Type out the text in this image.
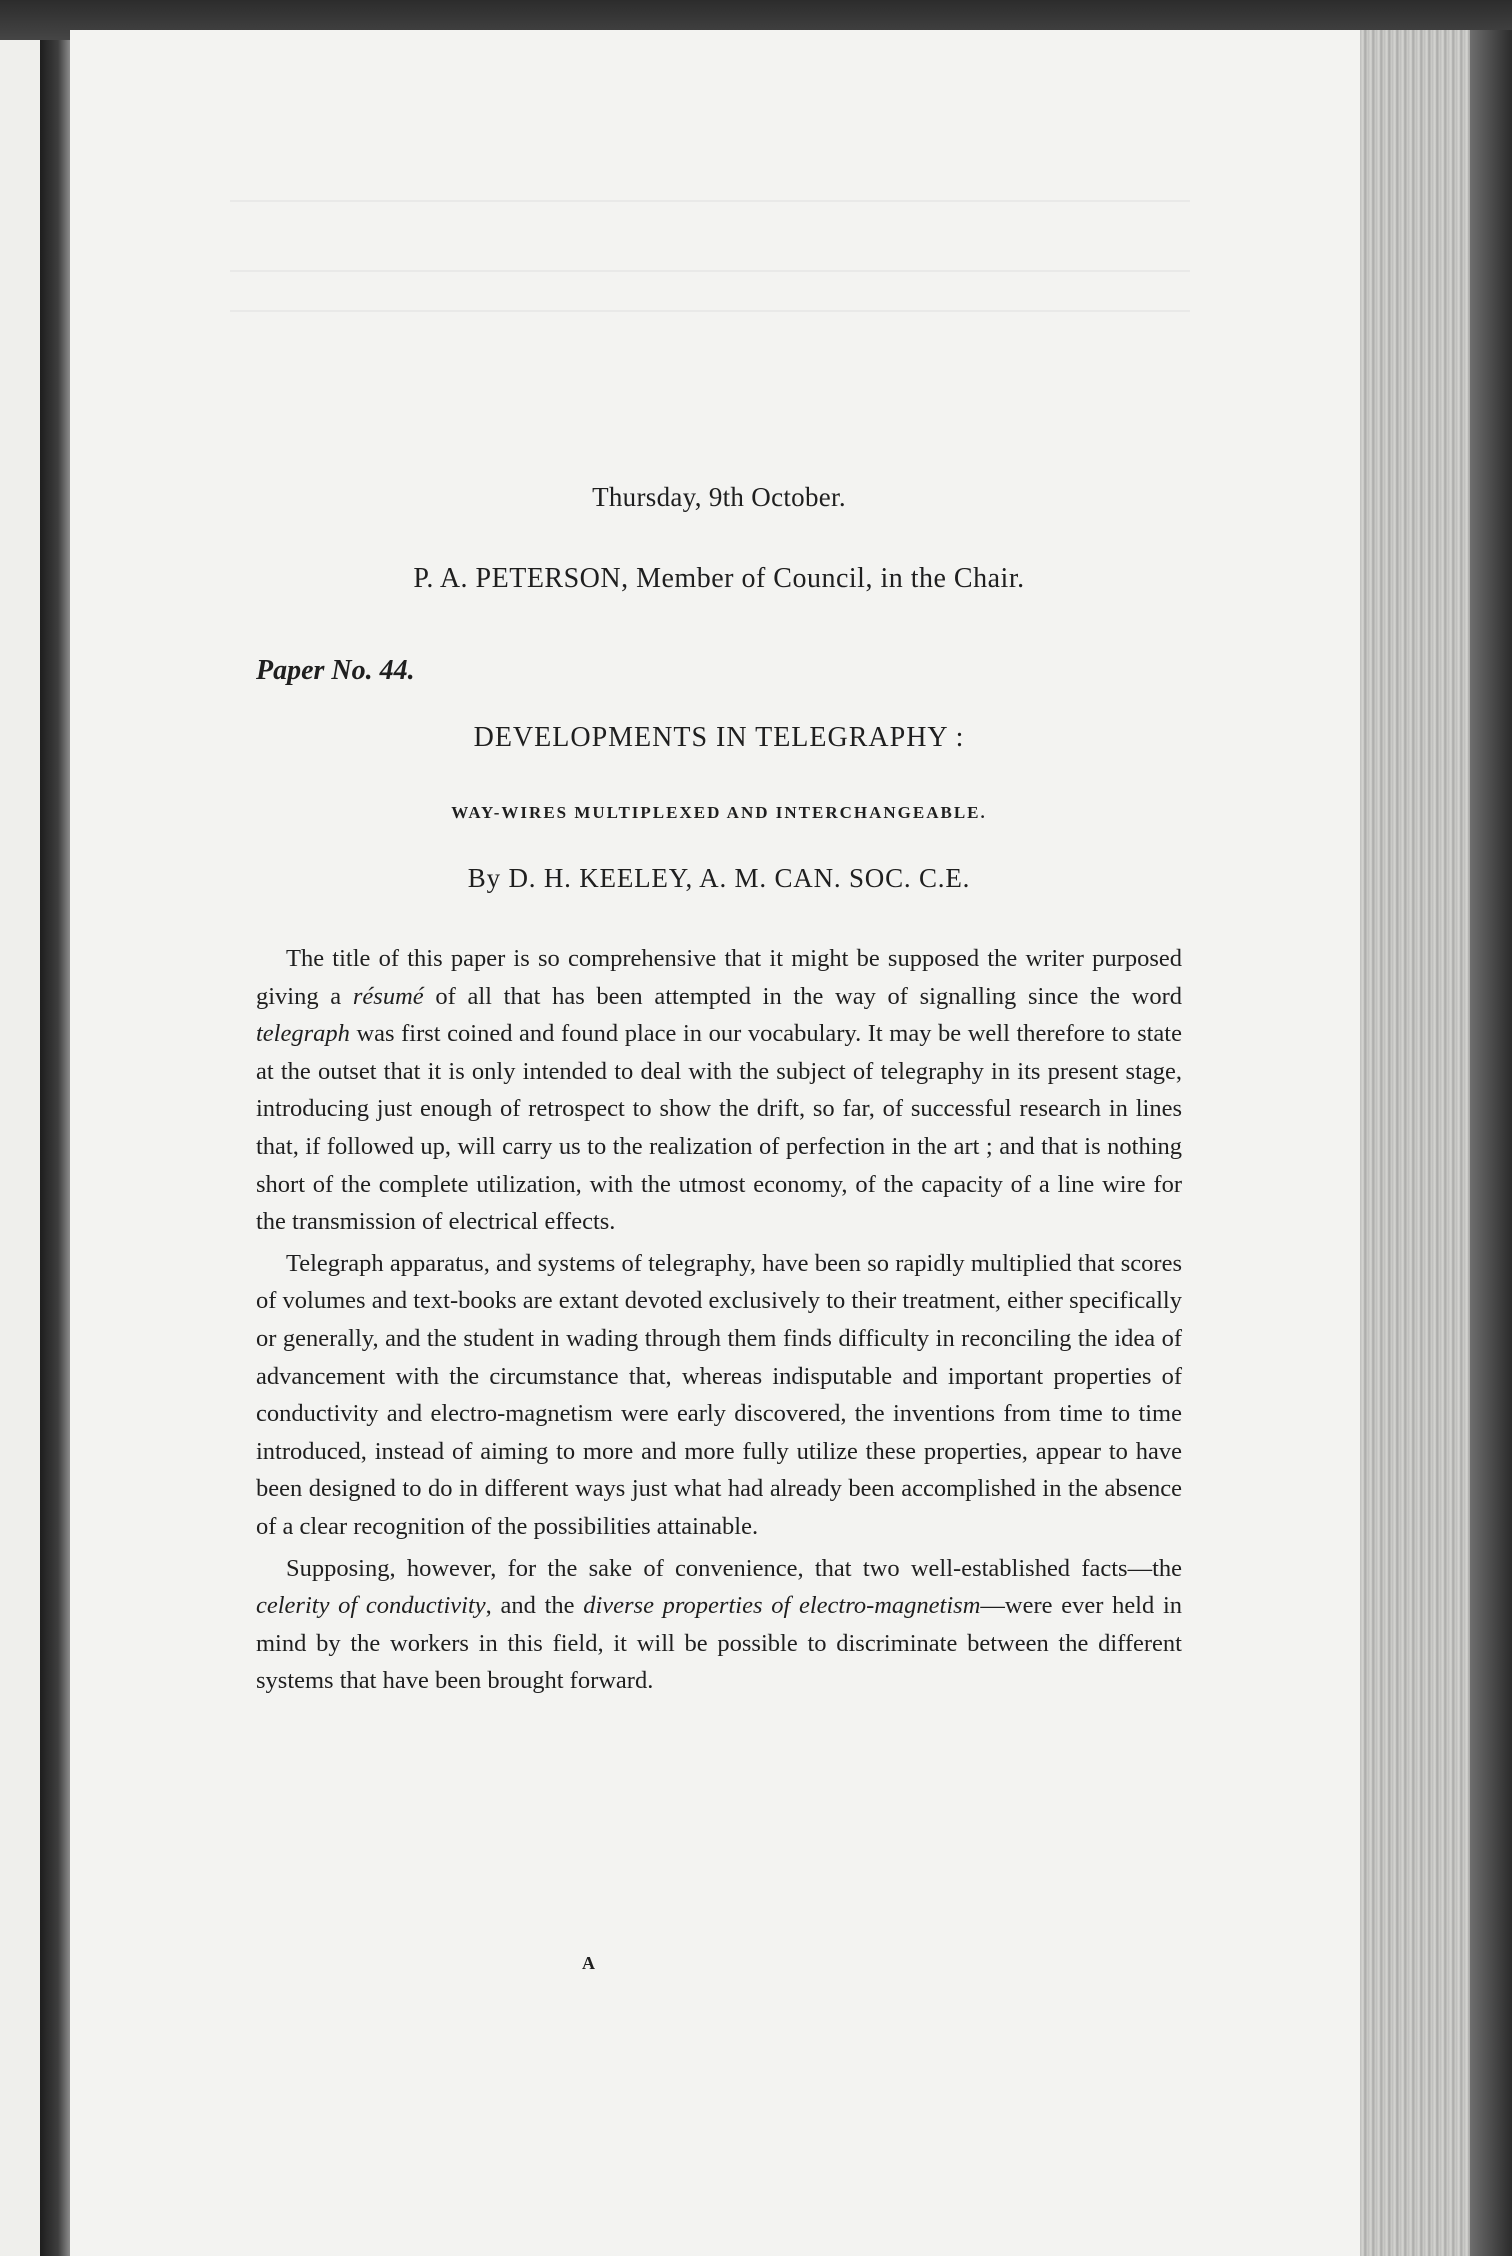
Thursday, 9th October.
P. A. PETERSON, Member of Council, in the Chair.
Paper No. 44.
DEVELOPMENTS IN TELEGRAPHY :
WAY-WIRES MULTIPLEXED AND INTERCHANGEABLE.
By D. H. KEELEY, A. M. CAN. SOC. C.E.

The title of this paper is so comprehensive that it might be supposed the writer purposed giving a résumé of all that has been attempted in the way of signalling since the word telegraph was first coined and found place in our vocabulary. It may be well therefore to state at the outset that it is only intended to deal with the subject of telegraphy in its present stage, introducing just enough of retrospect to show the drift, so far, of successful research in lines that, if followed up, will carry us to the realization of perfection in the art ; and that is nothing short of the complete utilization, with the utmost economy, of the capacity of a line wire for the transmission of electrical effects.

Telegraph apparatus, and systems of telegraphy, have been so rapidly multiplied that scores of volumes and text-books are extant devoted exclusively to their treatment, either specifically or generally, and the student in wading through them finds difficulty in reconciling the idea of advancement with the circumstance that, whereas indisputable and important properties of conductivity and electro-magnetism were early discovered, the inventions from time to time introduced, instead of aiming to more and more fully utilize these properties, appear to have been designed to do in different ways just what had already been accomplished in the absence of a clear recognition of the possibilities attainable.

Supposing, however, for the sake of convenience, that two well-established facts—the celerity of conductivity, and the diverse properties of electro-magnetism—were ever held in mind by the workers in this field, it will be possible to discriminate between the different systems that have been brought forward.

A
